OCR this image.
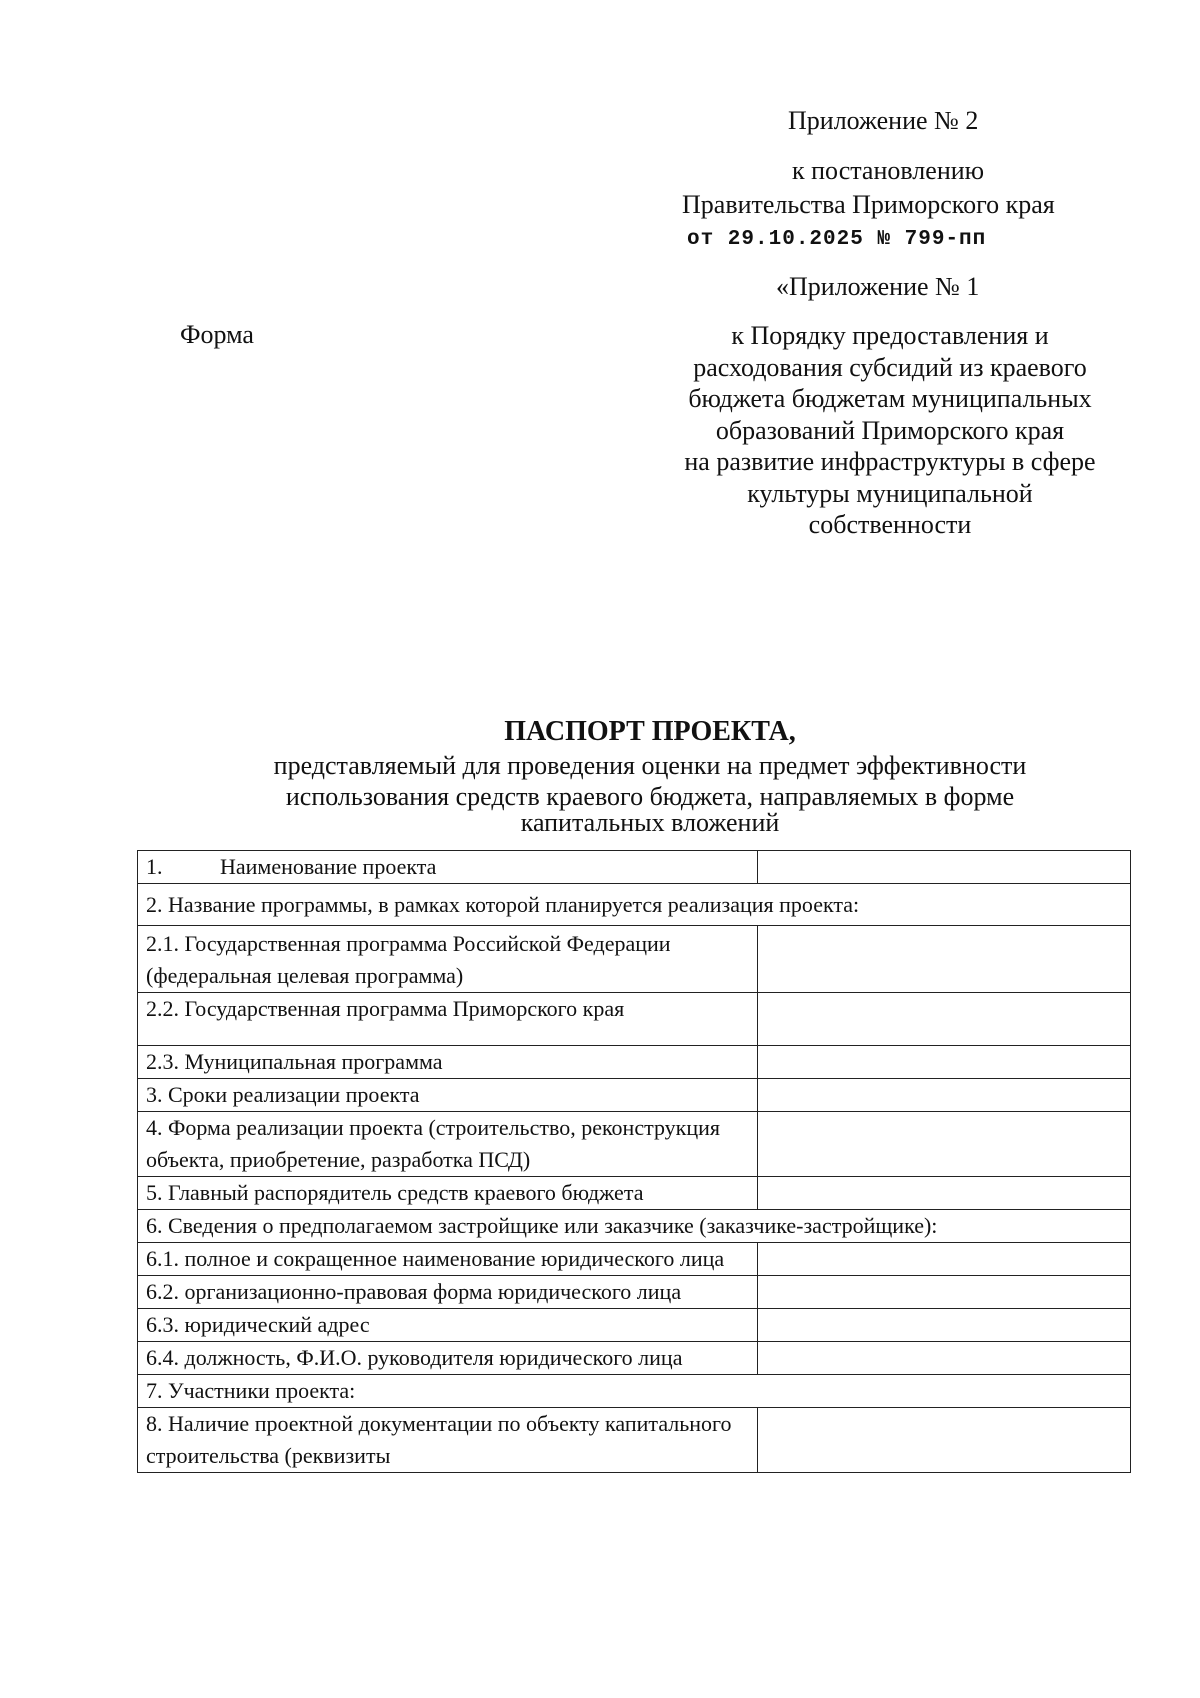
Приложение № 2
к постановлению
Правительства Приморского края
от 29.10.2025 № 799-пп
«Приложение № 1
Форма	к Порядку предоставления и
расходования субсидий из краевого
бюджета бюджетам муниципальных
образований Приморского края
на развитие инфраструктуры в сфере
культуры муниципальной
собственности
ПАСПОРТ ПРОЕКТА,
представляемый для проведения оценки на предмет эффективности
использования средств краевого бюджета, направляемых в форме
капитальных вложений
1. Наименование проекта	
2. Название программы, в рамках которой планируется реализация проекта:	
2.1. Государственная программа Российской Федерации (федеральная целевая программа)	
2.2. Государственная программа Приморского края	
2.3. Муниципальная программа	
3. Сроки реализации проекта	
4. Форма реализации проекта (строительство, реконструкция объекта, приобретение, разработка ПСД)	
5. Главный распорядитель средств краевого бюджета	
6. Сведения о предполагаемом застройщике или заказчике (заказчике-застройщике):	
6.1. полное и сокращенное наименование юридического лица	
6.2. организационно-правовая форма юридического лица	
6.3. юридический адрес	
6.4. должность, Ф.И.О. руководителя юридического лица	
7. Участники проекта:	
8. Наличие проектной документации по объекту капитального строительства (реквизиты	
